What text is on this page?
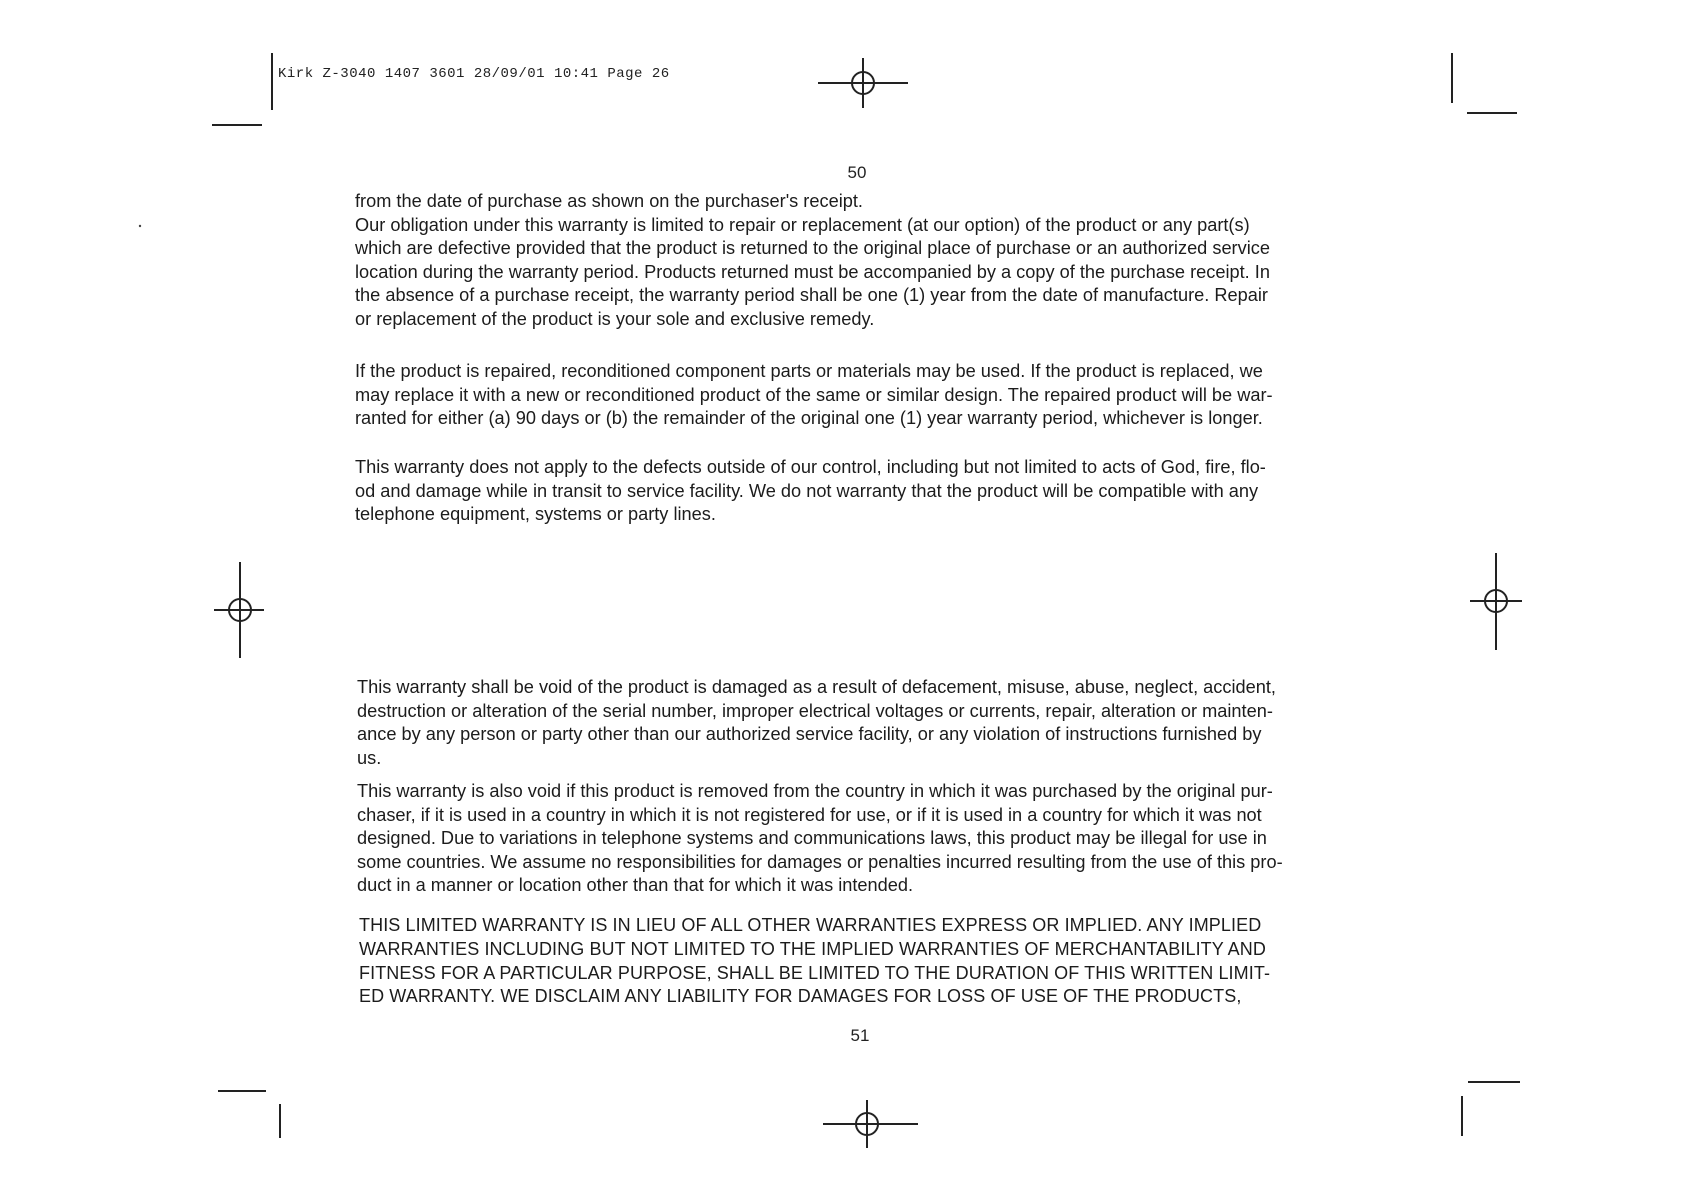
Kirk Z-3040 1407 3601 28/09/01 10:41 Page 26
50
from the date of purchase as shown on the purchaser's receipt.
Our obligation under this warranty is limited to repair or replacement (at our option) of the product or any part(s)
which are defective provided that the product is returned to the original place of purchase or an authorized service
location during the warranty period. Products returned must be accompanied by a copy of the purchase receipt. In
the absence of a purchase receipt, the warranty period shall be one (1) year from the date of manufacture. Repair
or replacement of the product is your sole and exclusive remedy.
If the product is repaired, reconditioned component parts or materials may be used. If the product is replaced, we
may replace it with a new or reconditioned product of the same or similar design. The repaired product will be war-
ranted for either (a) 90 days or (b) the remainder of the original one (1) year warranty period, whichever is longer.
This warranty does not apply to the defects outside of our control, including but not limited to acts of God, fire, flo-
od and damage while in transit to service facility. We do not warranty that the product will be compatible with any
telephone equipment, systems or party lines.
This warranty shall be void of the product is damaged as a result of defacement, misuse, abuse, neglect, accident,
destruction or alteration of the serial number, improper electrical voltages or currents, repair, alteration or mainten-
ance by any person or party other than our authorized service facility, or any violation of instructions furnished by
us.
This warranty is also void if this product is removed from the country in which it was purchased by the original pur-
chaser, if it is used in a country in which it is not registered for use, or if it is used in a country for which it was not
designed. Due to variations in telephone systems and communications laws, this product may be illegal for use in
some countries. We assume no responsibilities for damages or penalties incurred resulting from the use of this pro-
duct in a manner or location other than that for which it was intended.
THIS LIMITED WARRANTY IS IN LIEU OF ALL OTHER WARRANTIES EXPRESS OR IMPLIED. ANY IMPLIED
WARRANTIES INCLUDING BUT NOT LIMITED TO THE IMPLIED WARRANTIES OF MERCHANTABILITY AND
FITNESS FOR A PARTICULAR PURPOSE, SHALL BE LIMITED TO THE DURATION OF THIS WRITTEN LIMIT-
ED WARRANTY. WE DISCLAIM ANY LIABILITY FOR DAMAGES FOR LOSS OF USE OF THE PRODUCTS,
51
